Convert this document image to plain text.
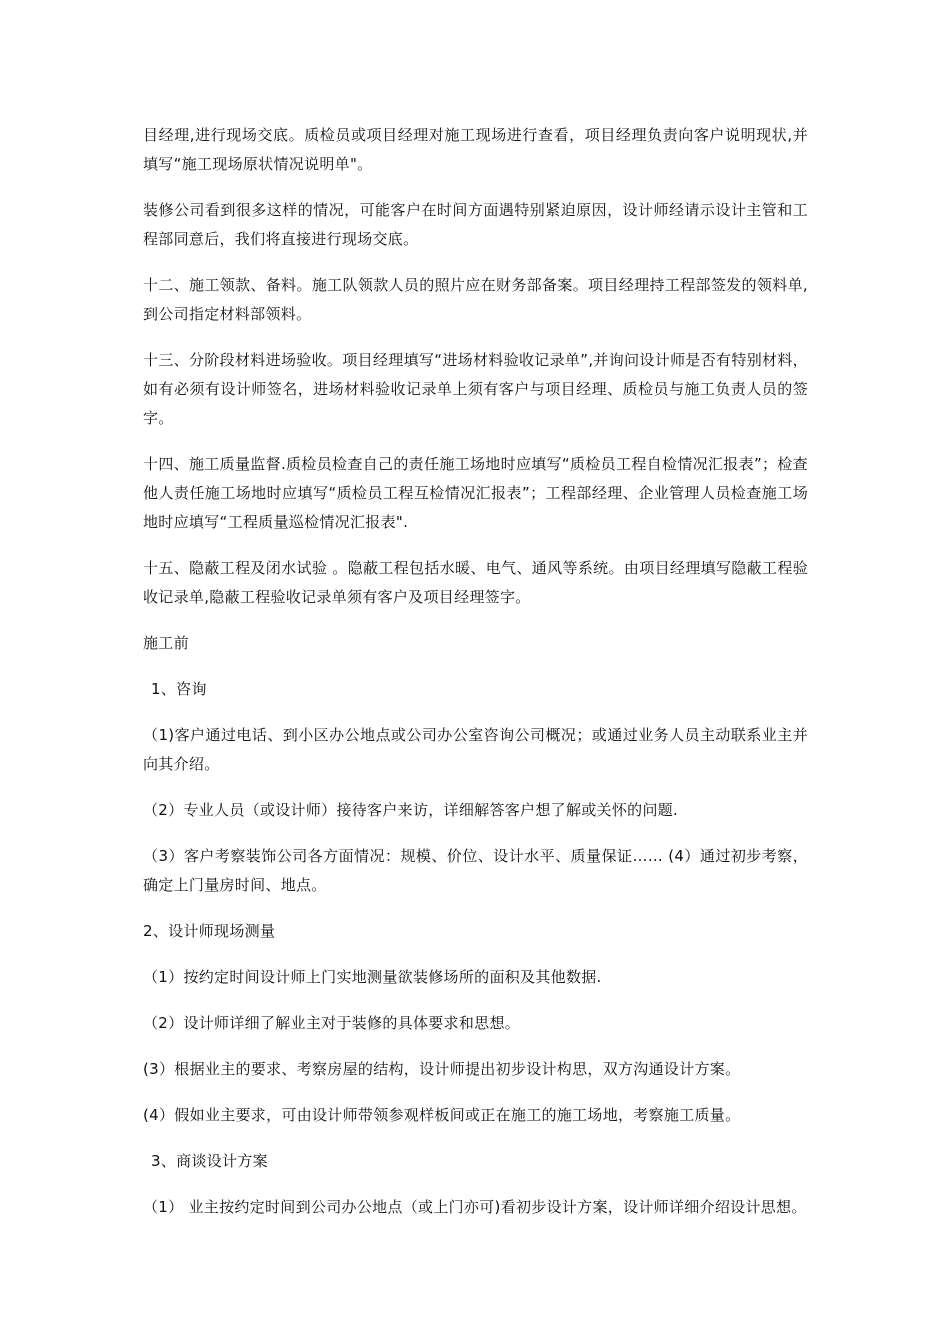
目经理,进行现场交底。质检员或项目经理对施工现场进行查看，项目经理负责向客户说明现状,并填写“施工现场原状情况说明单"。

装修公司看到很多这样的情况，可能客户在时间方面遇特别紧迫原因，设计师经请示设计主管和工程部同意后，我们将直接进行现场交底。

十二、施工领款、备料。施工队领款人员的照片应在财务部备案。项目经理持工程部签发的领料单,到公司指定材料部领料。

十三、分阶段材料进场验收。项目经理填写“进场材料验收记录单”,并询问设计师是否有特别材料，如有必须有设计师签名，进场材料验收记录单上须有客户与项目经理、质检员与施工负责人员的签字。

十四、施工质量监督.质检员检查自己的责任施工场地时应填写“质检员工程自检情况汇报表”；检查他人责任施工场地时应填写“质检员工程互检情况汇报表”；工程部经理、企业管理人员检查施工场地时应填写“工程质量巡检情况汇报表".

十五、隐蔽工程及闭水试验 。隐蔽工程包括水暖、电气、通风等系统。由项目经理填写隐蔽工程验收记录单,隐蔽工程验收记录单须有客户及项目经理签字。

施工前

1、咨询

（1)客户通过电话、到小区办公地点或公司办公室咨询公司概况；或通过业务人员主动联系业主并向其介绍。

（2）专业人员（或设计师）接待客户来访，详细解答客户想了解或关怀的问题.

（3）客户考察装饰公司各方面情况：规模、价位、设计水平、质量保证…… (4）通过初步考察，确定上门量房时间、地点。

2、设计师现场测量

（1）按约定时间设计师上门实地测量欲装修场所的面积及其他数据.

（2）设计师详细了解业主对于装修的具体要求和思想。

(3）根据业主的要求、考察房屋的结构，设计师提出初步设计构思，双方沟通设计方案。

(4）假如业主要求，可由设计师带领参观样板间或正在施工的施工场地，考察施工质量。

3、商谈设计方案

（1） 业主按约定时间到公司办公地点（或上门亦可)看初步设计方案，设计师详细介绍设计思想。
